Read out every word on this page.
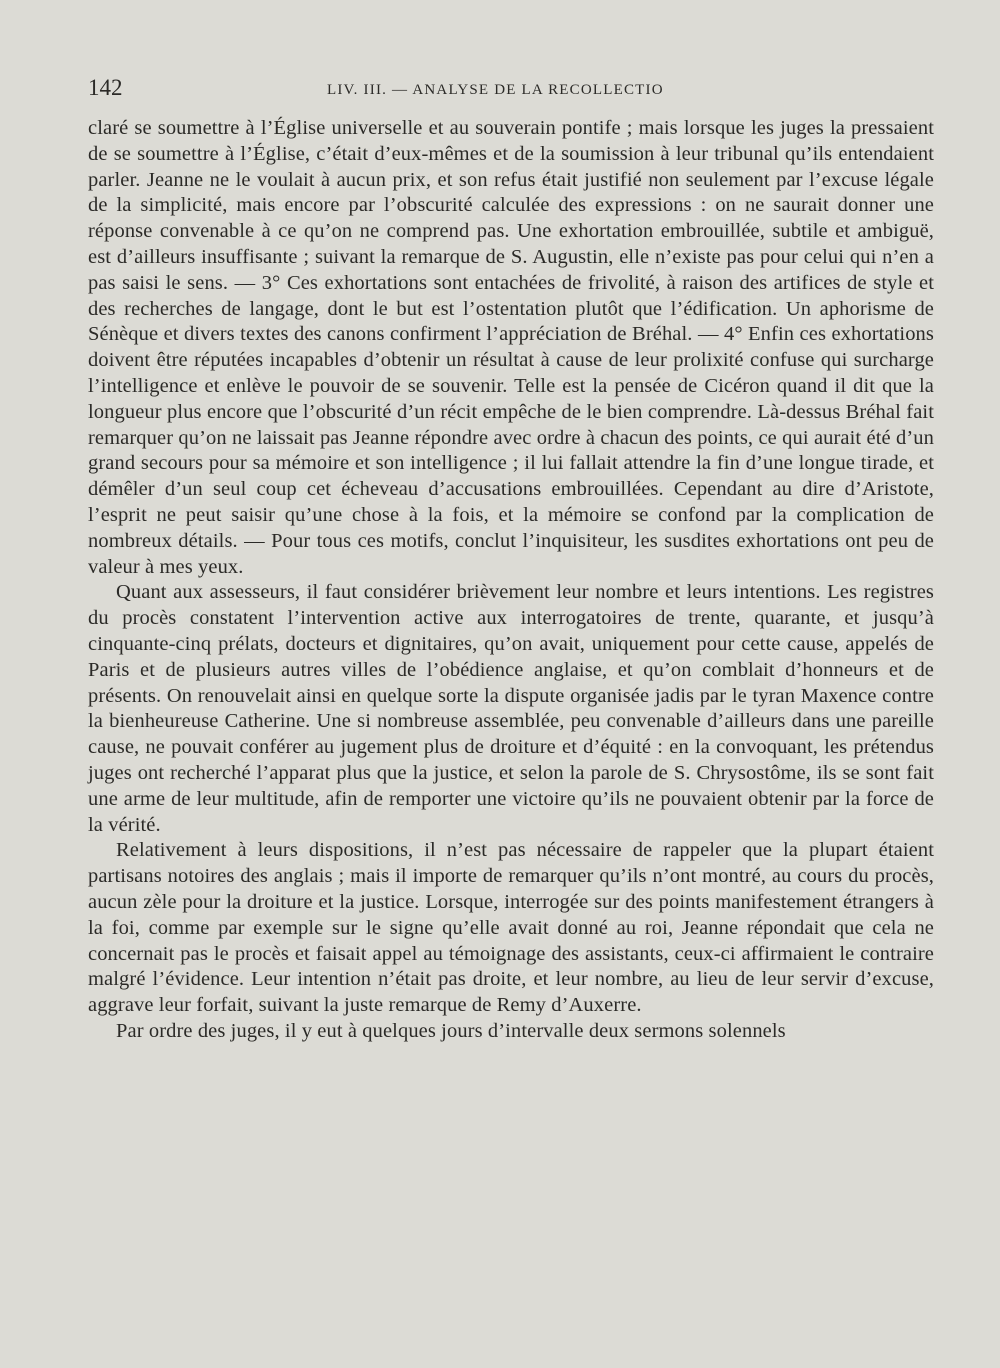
142	LIV. III. — ANALYSE DE LA RECOLLECTIO

claré se soumettre à l’Église universelle et au souverain pontife ; mais lorsque les juges la pressaient de se soumettre à l’Église, c’était d’eux-mêmes et de la soumission à leur tribunal qu’ils entendaient parler. Jeanne ne le voulait à aucun prix, et son refus était justifié non seulement par l’excuse légale de la simplicité, mais encore par l’obscurité calculée des expressions : on ne saurait donner une réponse convenable à ce qu’on ne comprend pas. Une exhortation embrouillée, subtile et ambiguë, est d’ailleurs insuffisante ; suivant la remarque de S. Augustin, elle n’existe pas pour celui qui n’en a pas saisi le sens. — 3° Ces exhortations sont entachées de frivolité, à raison des artifices de style et des recherches de langage, dont le but est l’ostentation plutôt que l’édification. Un aphorisme de Sénèque et divers textes des canons confirment l’appréciation de Bréhal. — 4° Enfin ces exhortations doivent être réputées incapables d’obtenir un résultat à cause de leur prolixité confuse qui surcharge l’intelligence et enlève le pouvoir de se souvenir. Telle est la pensée de Cicéron quand il dit que la longueur plus encore que l’obscurité d’un récit empêche de le bien comprendre. Là-dessus Bréhal fait remarquer qu’on ne laissait pas Jeanne répondre avec ordre à chacun des points, ce qui aurait été d’un grand secours pour sa mémoire et son intelligence ; il lui fallait attendre la fin d’une longue tirade, et démêler d’un seul coup cet écheveau d’accusations embrouillées. Cependant au dire d’Aristote, l’esprit ne peut saisir qu’une chose à la fois, et la mémoire se confond par la complication de nombreux détails. — Pour tous ces motifs, conclut l’inquisiteur, les susdites exhortations ont peu de valeur à mes yeux.

Quant aux assesseurs, il faut considérer brièvement leur nombre et leurs intentions. Les registres du procès constatent l’intervention active aux interrogatoires de trente, quarante, et jusqu’à cinquante-cinq prélats, docteurs et dignitaires, qu’on avait, uniquement pour cette cause, appelés de Paris et de plusieurs autres villes de l’obédience anglaise, et qu’on comblait d’honneurs et de présents. On renouvelait ainsi en quelque sorte la dispute organisée jadis par le tyran Maxence contre la bienheureuse Catherine. Une si nombreuse assemblée, peu convenable d’ailleurs dans une pareille cause, ne pouvait conférer au jugement plus de droiture et d’équité : en la convoquant, les prétendus juges ont recherché l’apparat plus que la justice, et selon la parole de S. Chrysostôme, ils se sont fait une arme de leur multitude, afin de remporter une victoire qu’ils ne pouvaient obtenir par la force de la vérité.

Relativement à leurs dispositions, il n’est pas nécessaire de rappeler que la plupart étaient partisans notoires des anglais ; mais il importe de remarquer qu’ils n’ont montré, au cours du procès, aucun zèle pour la droiture et la justice. Lorsque, interrogée sur des points manifestement étrangers à la foi, comme par exemple sur le signe qu’elle avait donné au roi, Jeanne répondait que cela ne concernait pas le procès et faisait appel au témoignage des assistants, ceux-ci affirmaient le contraire malgré l’évidence. Leur intention n’était pas droite, et leur nombre, au lieu de leur servir d’excuse, aggrave leur forfait, suivant la juste remarque de Remy d’Auxerre.

Par ordre des juges, il y eut à quelques jours d’intervalle deux sermons solennels
